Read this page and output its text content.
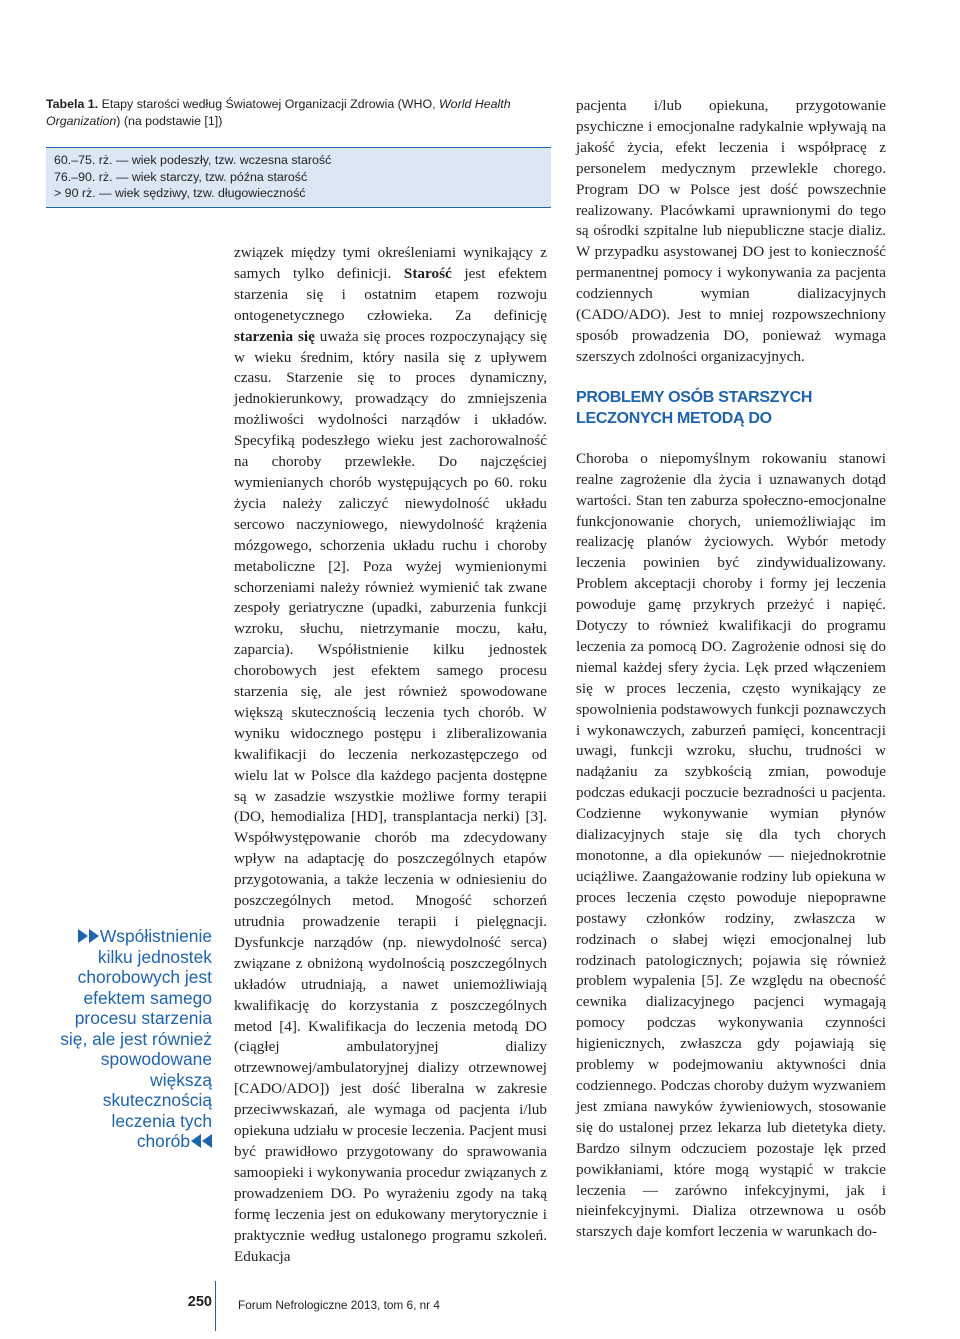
Tabela 1. Etapy starości według Światowej Organizacji Zdrowia (WHO, World Health Organization) (na podstawie [1])
60.–75. rż. — wiek podeszły, tzw. wczesna starość
76.–90. rż. — wiek starczy, tzw. późna starość
> 90 rż. — wiek sędziwy, tzw. długowieczność
Współistnienie kilku jednostek chorobowych jest efektem samego procesu starzenia się, ale jest również spowodowane większą skutecznością leczenia tych chorób

związek między tymi określeniami wynikający z samych tylko definicji. Starość jest efektem starzenia się i ostatnim etapem rozwoju ontogenetycznego człowieka. Za definicję starzenia się uważa się proces rozpoczynający się w wieku średnim, który nasila się z upływem czasu. Starzenie się to proces dynamiczny, jednokierunkowy, prowadzący do zmniejszenia możliwości wydolności narządów i układów. Specyfiką podeszłego wieku jest zachorowalność na choroby przewlekłe. Do najczęściej wymienianych chorób występujących po 60. roku życia należy zaliczyć niewydolność układu sercowo naczyniowego, niewydolność krążenia mózgowego, schorzenia układu ruchu i choroby metaboliczne [2]. Poza wyżej wymienionymi schorzeniami należy również wymienić tak zwane zespoły geriatryczne (upadki, zaburzenia funkcji wzroku, słuchu, nietrzymanie moczu, kału, zaparcia). Współistnienie kilku jednostek chorobowych jest efektem samego procesu starzenia się, ale jest również spowodowane większą skutecznością leczenia tych chorób. W wyniku widocznego postępu i zliberalizowania kwalifikacji do leczenia nerkozastępczego od wielu lat w Polsce dla każdego pacjenta dostępne są w zasadzie wszystkie możliwe formy terapii (DO, hemodializa [HD], transplantacja nerki) [3]. Współwystępowanie chorób ma zdecydowany wpływ na adaptację do poszczególnych etapów przygotowania, a także leczenia w odniesieniu do poszczególnych metod. Mnogość schorzeń utrudnia prowadzenie terapii i pielęgnacji. Dysfunkcje narządów (np. niewydolność serca) związane z obniżoną wydolnością poszczególnych układów utrudniają, a nawet uniemożliwiają kwalifikację do korzystania z poszczególnych metod [4]. Kwalifikacja do leczenia metodą DO (ciągłej ambulatoryjnej dializy otrzewnowej/ambulatoryjnej dializy otrzewnowej [CADO/ADO]) jest dość liberalna w zakresie przeciwwskazań, ale wymaga od pacjenta i/lub opiekuna udziału w procesie leczenia. Pacjent musi być prawidłowo przygotowany do sprawowania samoopieki i wykonywania procedur związanych z prowadzeniem DO. Po wyrażeniu zgody na taką formę leczenia jest on edukowany merytorycznie i praktycznie według ustalonego programu szkoleń. Edukacja

pacjenta i/lub opiekuna, przygotowanie psychiczne i emocjonalne radykalnie wpływają na jakość życia, efekt leczenia i współpracę z personelem medycznym przewlekle chorego. Program DO w Polsce jest dość powszechnie realizowany. Placówkami uprawnionymi do tego są ośrodki szpitalne lub niepubliczne stacje dializ. W przypadku asystowanej DO jest to konieczność permanentnej pomocy i wykonywania za pacjenta codziennych wymian dializacyjnych (CADO/ADO). Jest to mniej rozpowszechniony sposób prowadzenia DO, ponieważ wymaga szerszych zdolności organizacyjnych.

PROBLEMY OSÓB STARSZYCH LECZONYCH METODĄ DO

Choroba o niepomyślnym rokowaniu stanowi realne zagrożenie dla życia i uznawanych dotąd wartości. Stan ten zaburza społeczno-emocjonalne funkcjonowanie chorych, uniemożliwiając im realizację planów życiowych. Wybór metody leczenia powinien być zindywidualizowany. Problem akceptacji choroby i formy jej leczenia powoduje gamę przykrych przeżyć i napięć. Dotyczy to również kwalifikacji do programu leczenia za pomocą DO. Zagrożenie odnosi się do niemal każdej sfery życia. Lęk przed włączeniem się w proces leczenia, często wynikający ze spowolnienia podstawowych funkcji poznawczych i wykonawczych, zaburzeń pamięci, koncentracji uwagi, funkcji wzroku, słuchu, trudności w nadążaniu za szybkością zmian, powoduje podczas edukacji poczucie bezradności u pacjenta. Codzienne wykonywanie wymian płynów dializacyjnych staje się dla tych chorych monotonne, a dla opiekunów — niejednokrotnie uciążliwe. Zaangażowanie rodziny lub opiekuna w proces leczenia często powoduje niepoprawne postawy członków rodziny, zwłaszcza w rodzinach o słabej więzi emocjonalnej lub rodzinach patologicznych; pojawia się również problem wypalenia [5]. Ze względu na obecność cewnika dializacyjnego pacjenci wymagają pomocy podczas wykonywania czynności higienicznych, zwłaszcza gdy pojawiają się problemy w podejmowaniu aktywności dnia codziennego. Podczas choroby dużym wyzwaniem jest zmiana nawyków żywieniowych, stosowanie się do ustalonej przez lekarza lub dietetyka diety. Bardzo silnym odczuciem pozostaje lęk przed powikłaniami, które mogą wystąpić w trakcie leczenia — zarówno infekcyjnymi, jak i nieinfekcyjnymi. Dializa otrzewnowa u osób starszych daje komfort leczenia w warunkach do-

250 Forum Nefrologiczne 2013, tom 6, nr 4
